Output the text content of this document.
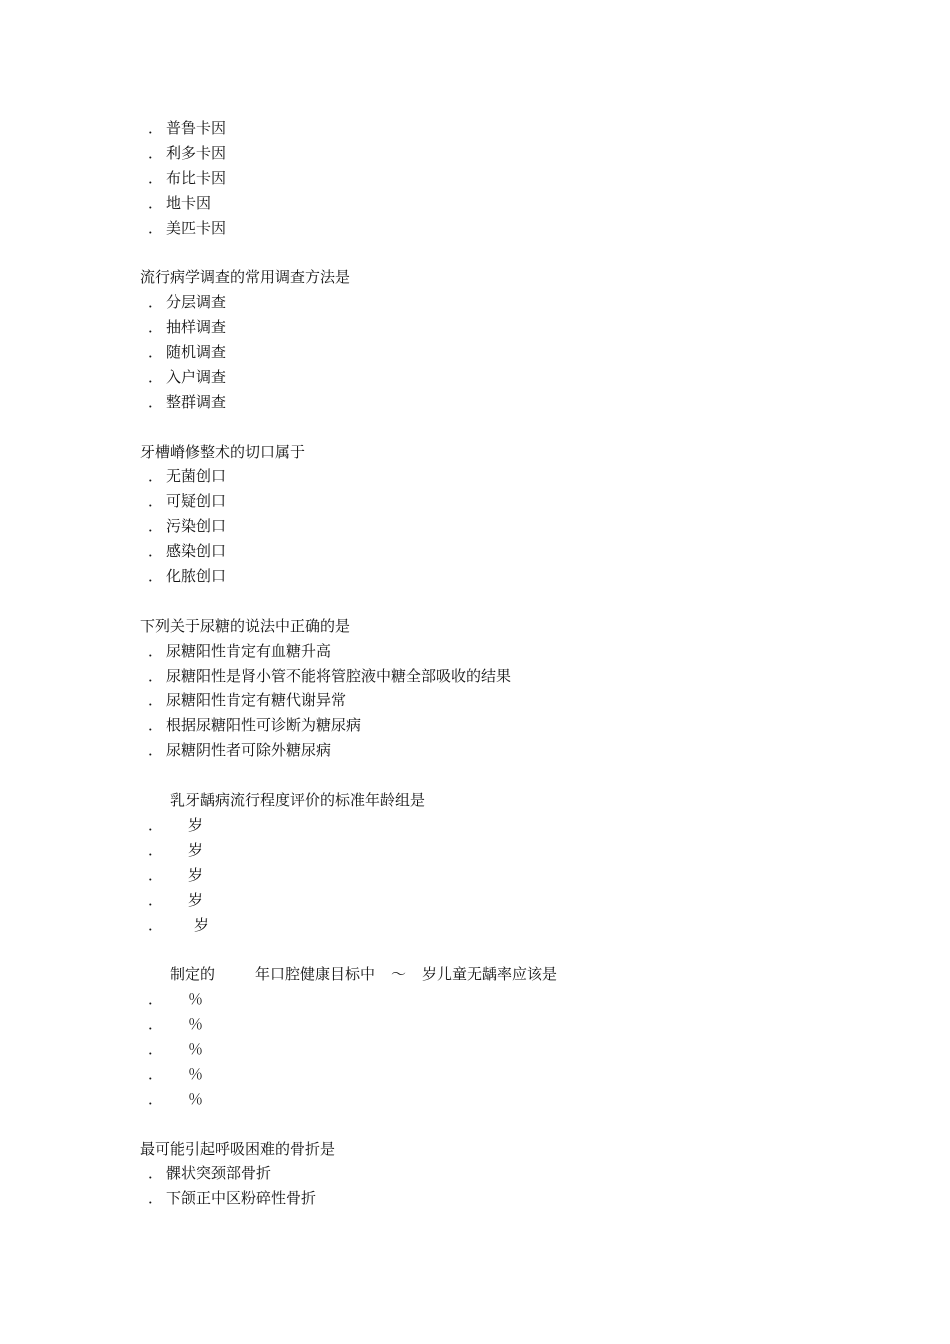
． 普鲁卡因
． 利多卡因
． 布比卡因
． 地卡因
． 美匹卡因
流行病学调查的常用调查方法是
． 分层调查
． 抽样调查
． 随机调查
． 入户调查
． 整群调查
牙槽嵴修整术的切口属于
． 无菌创口
． 可疑创口
． 污染创口
． 感染创口
． 化脓创口
下列关于尿糖的说法中正确的是
． 尿糖阳性肯定有血糖升高
． 尿糖阳性是肾小管不能将管腔液中糖全部吸收的结果
． 尿糖阳性肯定有糖代谢异常
． 根据尿糖阳性可诊断为糖尿病
． 尿糖阴性者可除外糖尿病
乳牙龋病流行程度评价的标准年龄组是
． 岁
． 岁
． 岁
． 岁
． 岁
制定的	年口腔健康目标中 ～ 岁儿童无龋率应该是
． ％
． ％
． ％
． ％
． ％
最可能引起呼吸困难的骨折是
． 髁状突颈部骨折
． 下颌正中区粉碎性骨折
